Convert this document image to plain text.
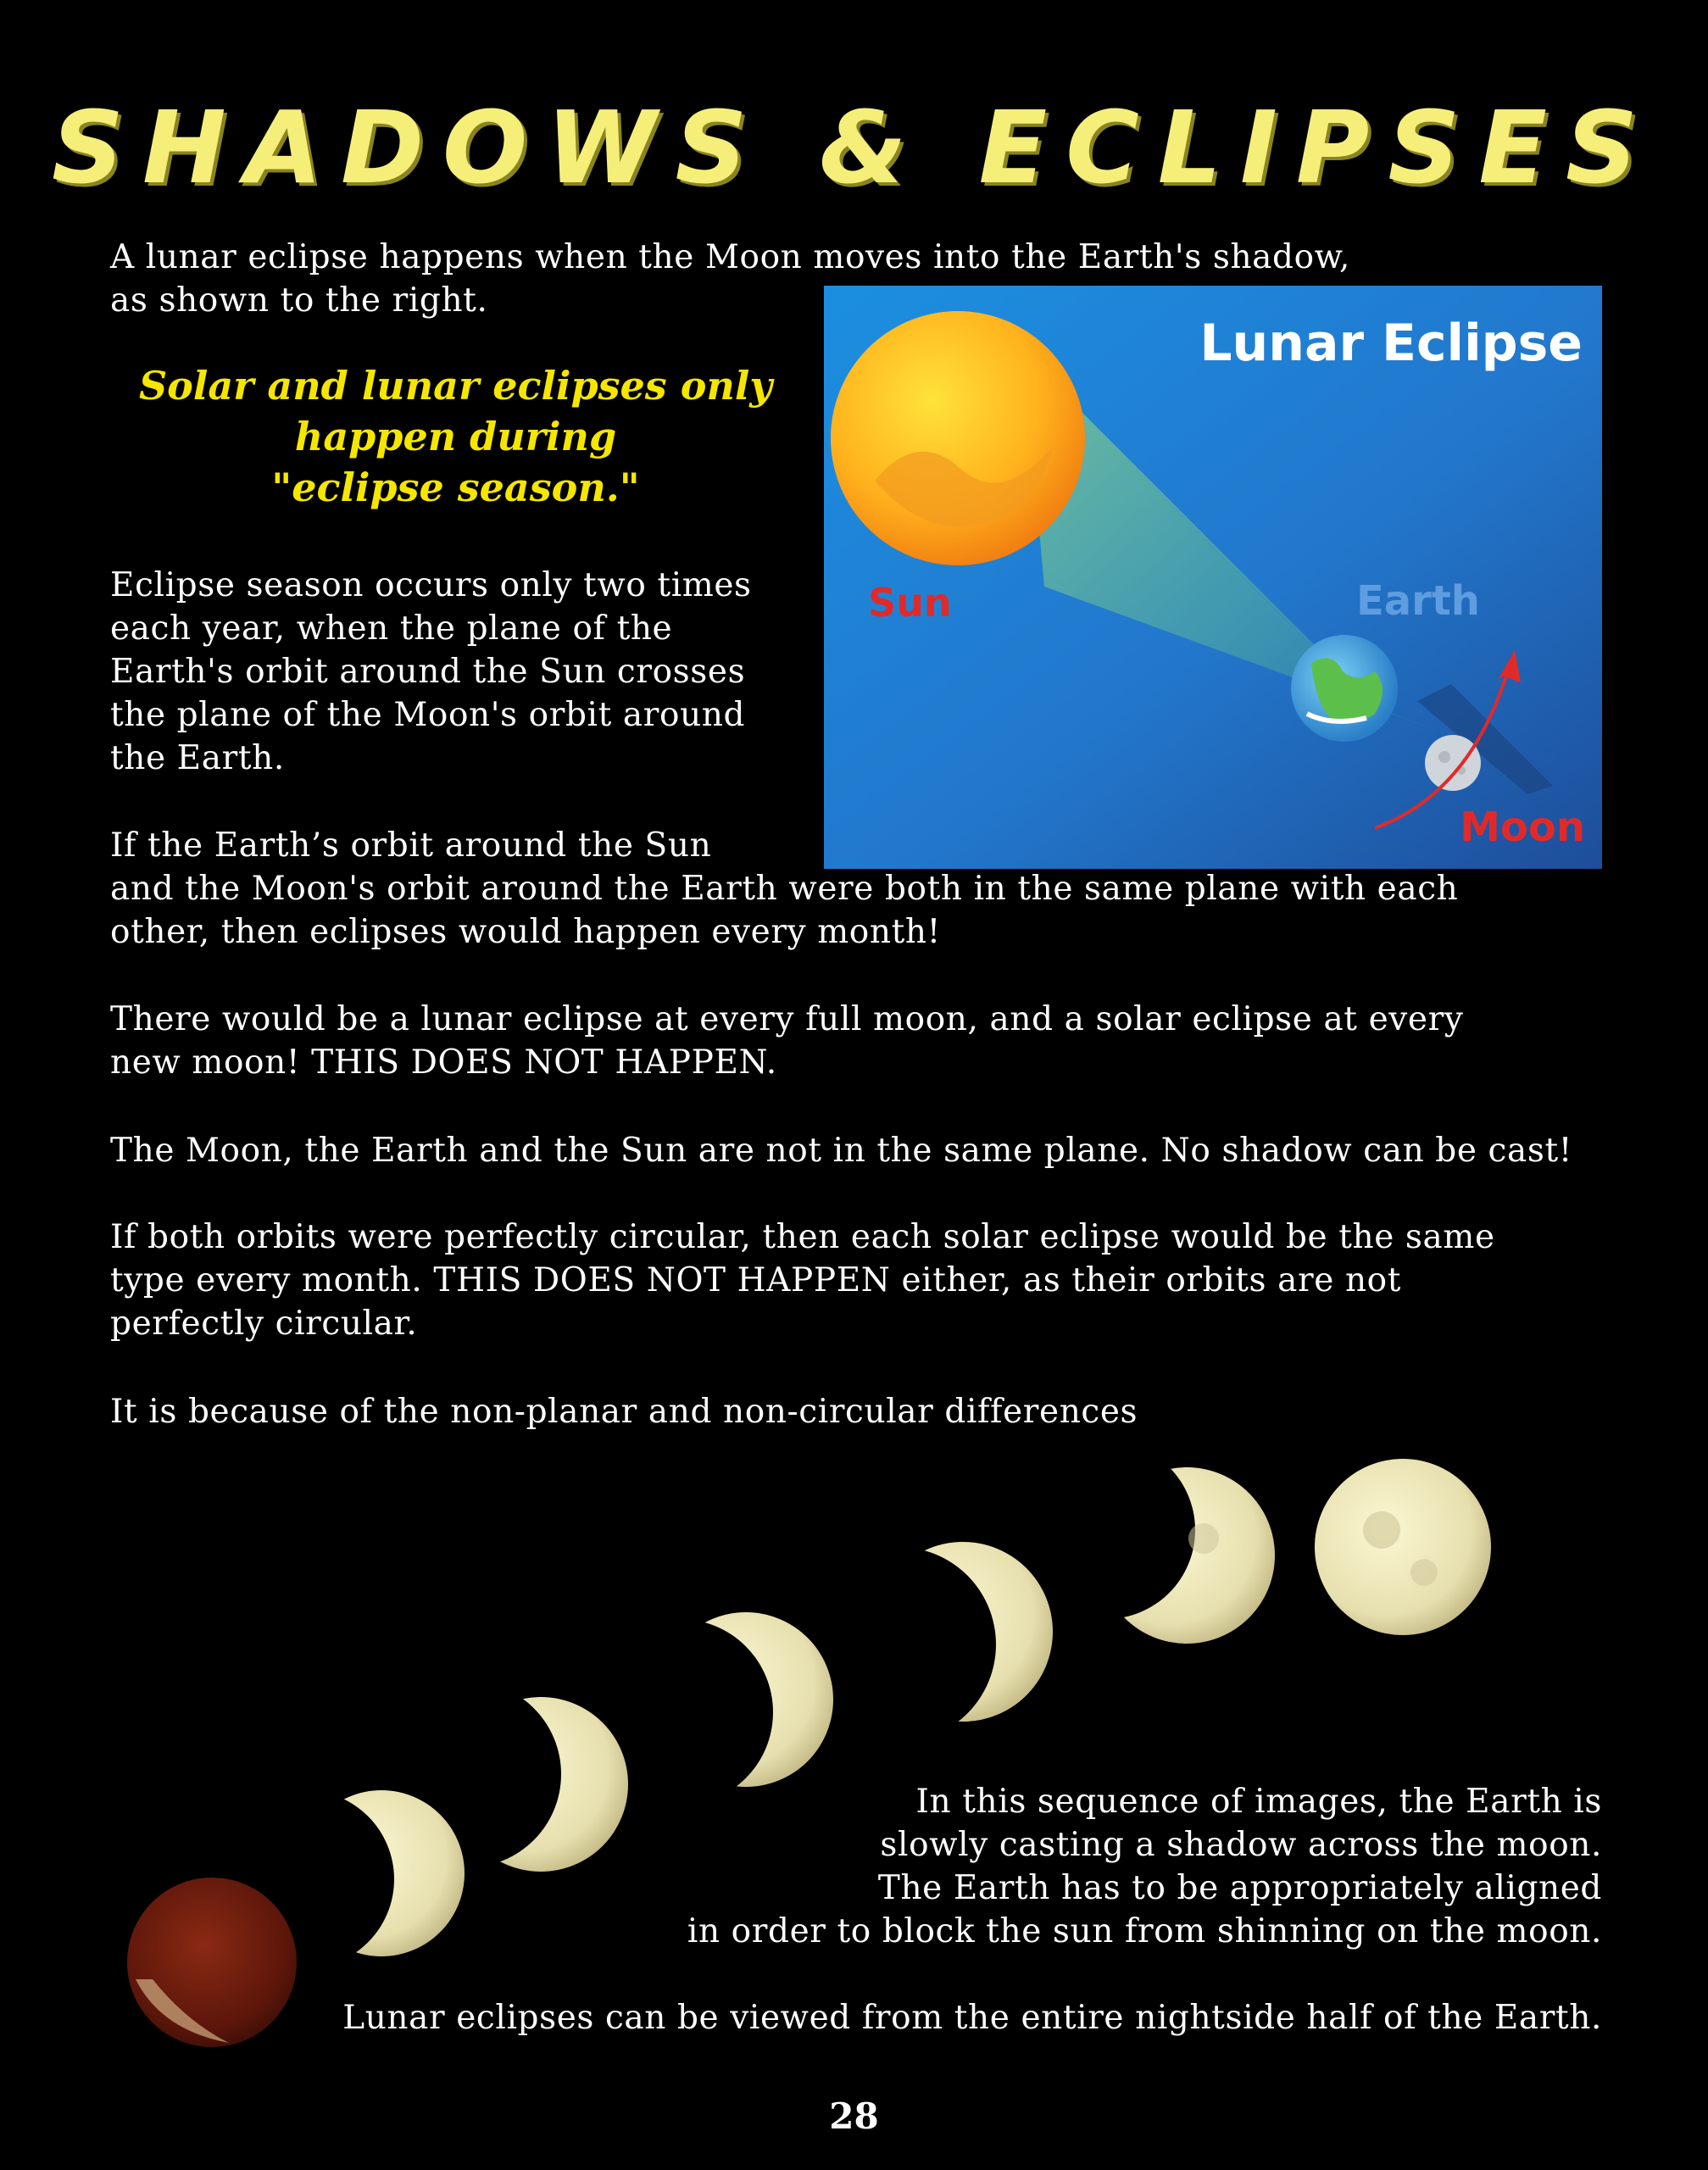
SHADOWS & ECLIPSES

A lunar eclipse happens when the Moon moves into the Earth's shadow,
as shown to the right.

Solar and lunar eclipses only
happen during
"eclipse season."

Eclipse season occurs only two times
each year, when the plane of the
Earth's orbit around the Sun crosses
the plane of the Moon's orbit around
the Earth.

If the Earth’s orbit around the Sun
and the Moon's orbit around the Earth were both in the same plane with each
other, then eclipses would happen every month!

There would be a lunar eclipse at every full moon, and a solar eclipse at every
new moon! THIS DOES NOT HAPPEN.

The Moon, the Earth and the Sun are not in the same plane. No shadow can be cast!

If both orbits were perfectly circular, then each solar eclipse would be the same
type every month. THIS DOES NOT HAPPEN either, as their orbits are not
perfectly circular.

It is because of the non-planar and non-circular differences

Lunar Eclipse
Sun	Earth
Moon

In this sequence of images, the Earth is
slowly casting a shadow across the moon.
The Earth has to be appropriately aligned
in order to block the sun from shinning on the moon.

Lunar eclipses can be viewed from the entire nightside half of the Earth.

28
